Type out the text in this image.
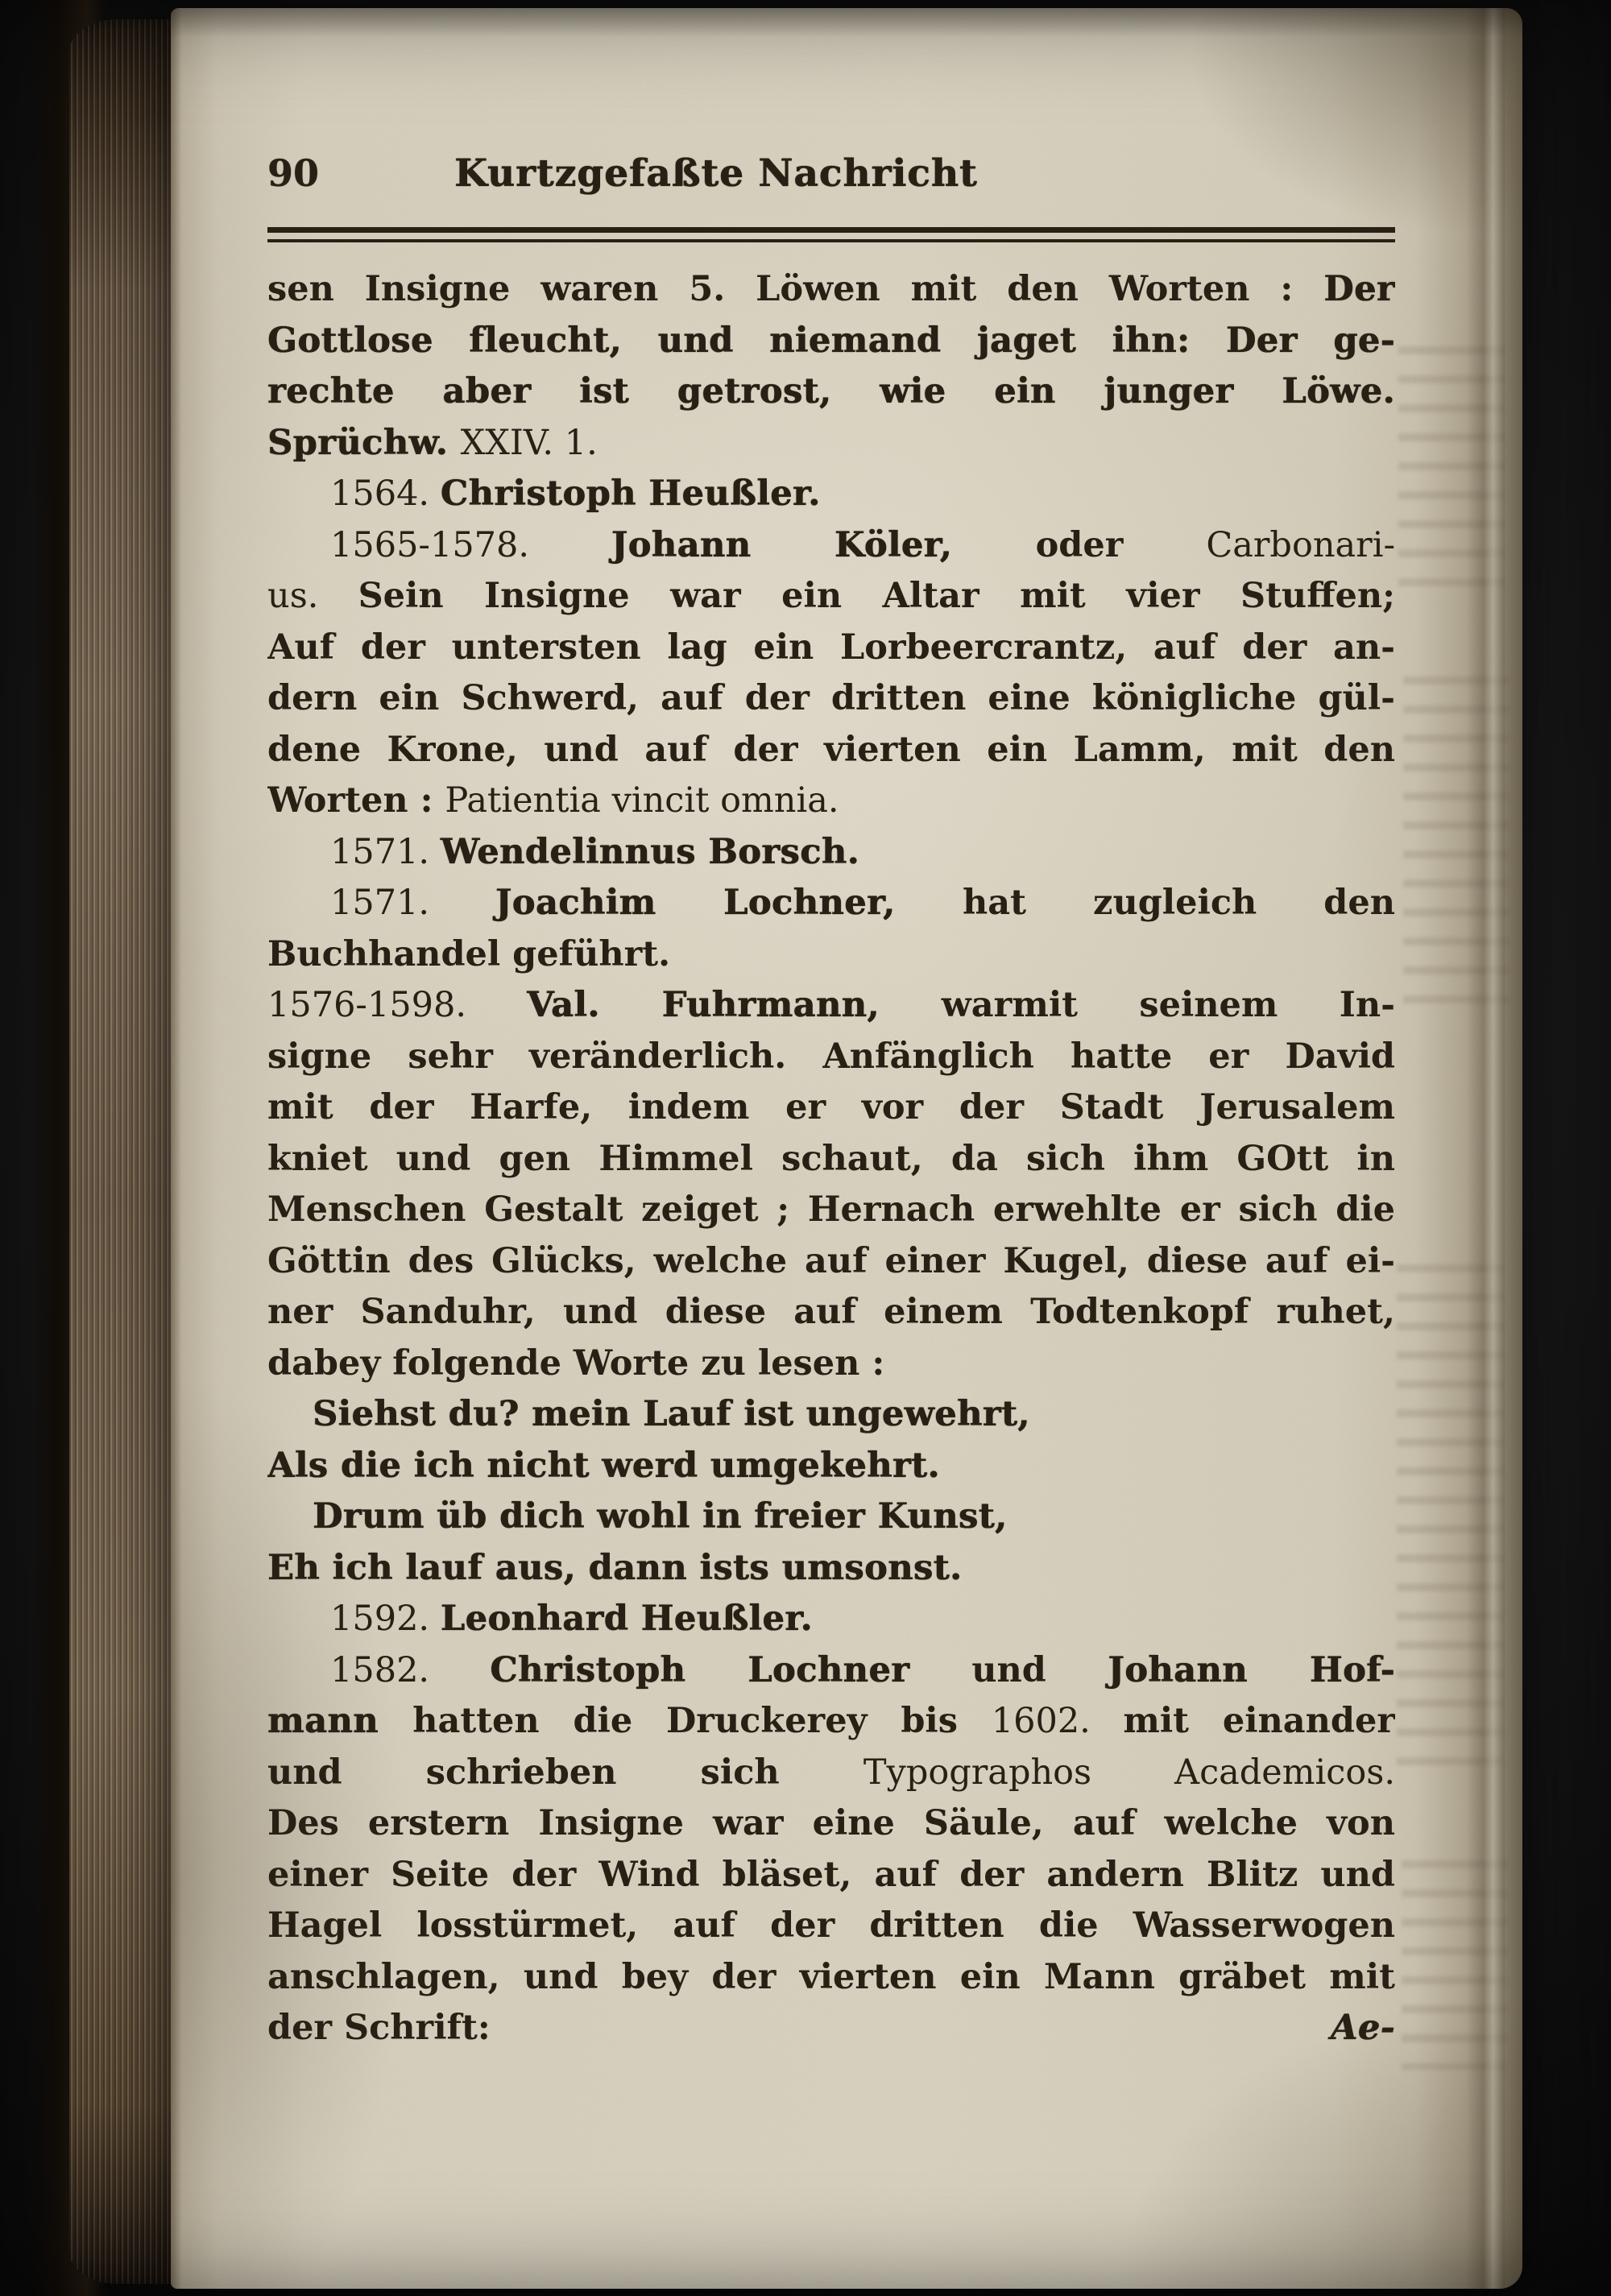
90	Kurtzgefaßte Nachricht
sen Insigne waren 5. Löwen mit den Worten : Der
Gottlose fleucht, und niemand jaget ihn: Der ge-
rechte aber ist getrost, wie ein junger Löwe.
Sprüchw. XXIV. 1.
1564. Christoph Heußler.
1565-1578. Johann Köler, oder Carbonari-
us. Sein Insigne war ein Altar mit vier Stuffen;
Auf der untersten lag ein Lorbeercrantz, auf der an-
dern ein Schwerd, auf der dritten eine königliche gül-
dene Krone, und auf der vierten ein Lamm, mit den
Worten : Patientia vincit omnia.
1571. Wendelinnus Borsch.
1571. Joachim Lochner, hat zugleich den
Buchhandel geführt.
1576-1598. Val. Fuhrmann, warmit seinem In-
signe sehr veränderlich. Anfänglich hatte er David
mit der Harfe, indem er vor der Stadt Jerusalem
kniet und gen Himmel schaut, da sich ihm GOtt in
Menschen Gestalt zeiget ; Hernach erwehlte er sich die
Göttin des Glücks, welche auf einer Kugel, diese auf ei-
ner Sanduhr, und diese auf einem Todtenkopf ruhet,
dabey folgende Worte zu lesen :
Siehst du? mein Lauf ist ungewehrt,
Als die ich nicht werd umgekehrt.
Drum üb dich wohl in freier Kunst,
Eh ich lauf aus, dann ists umsonst.
1592. Leonhard Heußler.
1582. Christoph Lochner und Johann Hof-
mann hatten die Druckerey bis 1602. mit einander
und schrieben sich Typographos Academicos.
Des erstern Insigne war eine Säule, auf welche von
einer Seite der Wind bläset, auf der andern Blitz und
Hagel losstürmet, auf der dritten die Wasserwogen
anschlagen, und bey der vierten ein Mann gräbet mit
Ae-
der Schrift:
